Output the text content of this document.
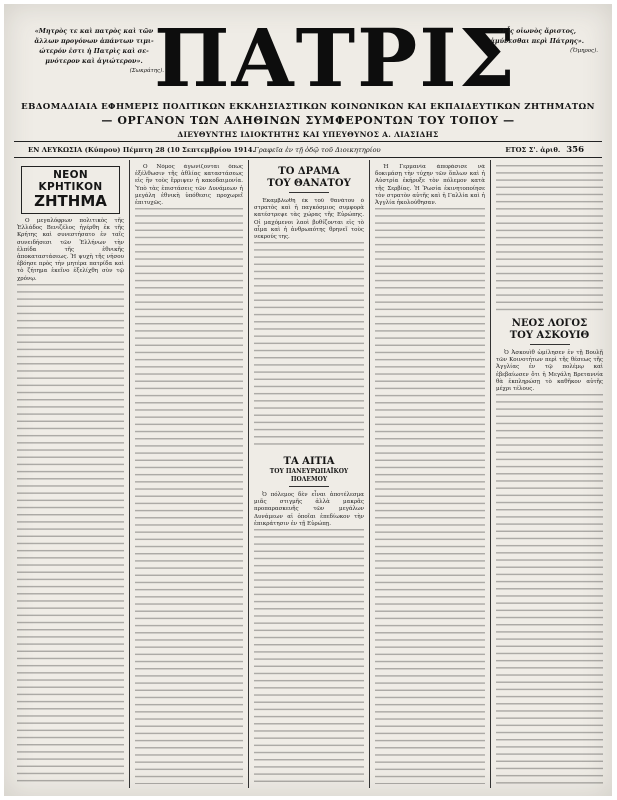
«Μητρὸς τε καὶ πατρὸς καὶ τῶν
ἄλλων προγόνων ἁπάντων τιμι-
ώτερόν ἐστι ἡ Πατρὶς καὶ σε-
μνότερον καὶ ἁγιώτερον».
(Σωκράτης).
ΠΑΤΡΙΣ
«Εἷς οἰωνὸς ἄριστος,
ἀμύνεσθαι περὶ Πάτρης».
(Ὅμηρος).
ΕΒΔΟΜΑΔΙΑΙΑ ΕΦΗΜΕΡΙΣ ΠΟΛΙΤΙΚΩΝ ΕΚΚΛΗΣΙΑΣΤΙΚΩΝ ΚΟΙΝΩΝΙΚΩΝ ΚΑΙ ΕΚΠΑΙΔΕΥΤΙΚΩΝ ΖΗΤΗΜΑΤΩΝ
— ΟΡΓΑΝΟΝ ΤΩΝ ΑΛΗΘΙΝΩΝ ΣΥΜΦΕΡΟΝΤΩΝ ΤΟΥ ΤΟΠΟΥ —
ΔΙΕΥΘΥΝΤΗΣ ΙΔΙΟΚΤΗΤΗΣ ΚΑΙ ΥΠΕΥΘΥΝΟΣ Α. ΛΙΑΣΙΔΗΣ
ΕΝ ΛΕΥΚΩΣΙΑ (Κύπρου) Πέμπτη 28 (10 Σεπτεμβρίου 1914. Γραφεῖα ἐν τῇ ὁδῷ τοῦ Διοικητηρίου	ΕΤΟΣ Σ'. ἀριθ. 356
ΝΕΟΝ ΚΡΗΤΙΚΟΝ
ΖΗΤΗΜΑ

Ο μεγαλόφρων πολιτικὸς τῆς Ἑλλάδος Βενιζέλος ἠγέρθη ἐκ τῆς Κρήτης καὶ συνεστήσατο ἐν ταῖς συνειδήσεσι τῶν Ἑλλήνων τὴν ἐλπίδα τῆς ἐθνικῆς ἀποκαταστάσεως. Ἡ ψυχὴ τῆς νήσου ἐβόησε πρὸς τὴν μητέρα πατρίδα καὶ τὸ ζήτημα ἐκεῖνο ἐξελίχθη σὺν τῷ χρόνῳ.

Ο Νόμος ἀγωνίζονται ὅπως ἐξέλθωσιν τῆς ἀθλίας καταστάσεως εἰς ἣν τοὺς ἔρριψεν ἡ κακοδαιμονία. Ὑπὸ τὰς ἐπιστάσεις τῶν Δυνάμεων ἡ μεγάλη ἐθνικὴ ὑπόθεσις προχωρεῖ ἐπιτυχῶς.

ΤΟ ΔΡΑΜΑ
ΤΟΥ ΘΑΝΑΤΟΥ

Ἐκαμβλωθη ἐκ τοῦ θανάτου ὁ στρατὸς καὶ ἡ παγκόσμιος συμφορὰ κατέστρεψε τὰς χώρας τῆς Εὐρώπης. Οἱ μαχόμενοι λαοὶ βυθίζονται εἰς τὸ αἷμα καὶ ἡ ἀνθρωπότης θρηνεῖ τοὺς νεκρούς της.

ΤΑ ΑΙΤΙΑ
ΤΟΥ ΠΑΝΕΥΡΩΠΑΪΚΟΥ
ΠΟΛΕΜΟΥ

Ὁ πόλεμος δὲν εἶναι ἀποτέλεσμα μιᾶς στιγμῆς ἀλλὰ μακρᾶς προπαρασκευῆς τῶν μεγάλων Δυνάμεων αἱ ὁποῖαι ἐπεδίωκον τὴν ἐπικράτησιν ἐν τῇ Εὐρώπῃ.

Ἡ Γερμανία ἀπεφάσισε νὰ δοκιμάσῃ τὴν τύχην τῶν ὅπλων καὶ ἡ Αὐστρία ἐκήρυξε τὸν πόλεμον κατὰ τῆς Σερβίας. Ἡ Ῥωσία ἐκινητοποίησε τὸν στρατὸν αὐτῆς καὶ ἡ Γαλλία καὶ ἡ Ἀγγλία ἠκολούθησαν.

ΝΕΟΣ ΛΟΓΟΣ
ΤΟΥ ΑΣΚΟΥΙΘ

Ὁ Ἀσκουὶθ ὡμίλησεν ἐν τῇ Βουλῇ τῶν Κοινοτήτων περὶ τῆς θέσεως τῆς Ἀγγλίας ἐν τῷ πολέμῳ καὶ ἐβεβαίωσεν ὅτι ἡ Μεγάλη Βρεταννία θὰ ἐκπληρώσῃ τὸ καθῆκον αὐτῆς μέχρι τέλους.
